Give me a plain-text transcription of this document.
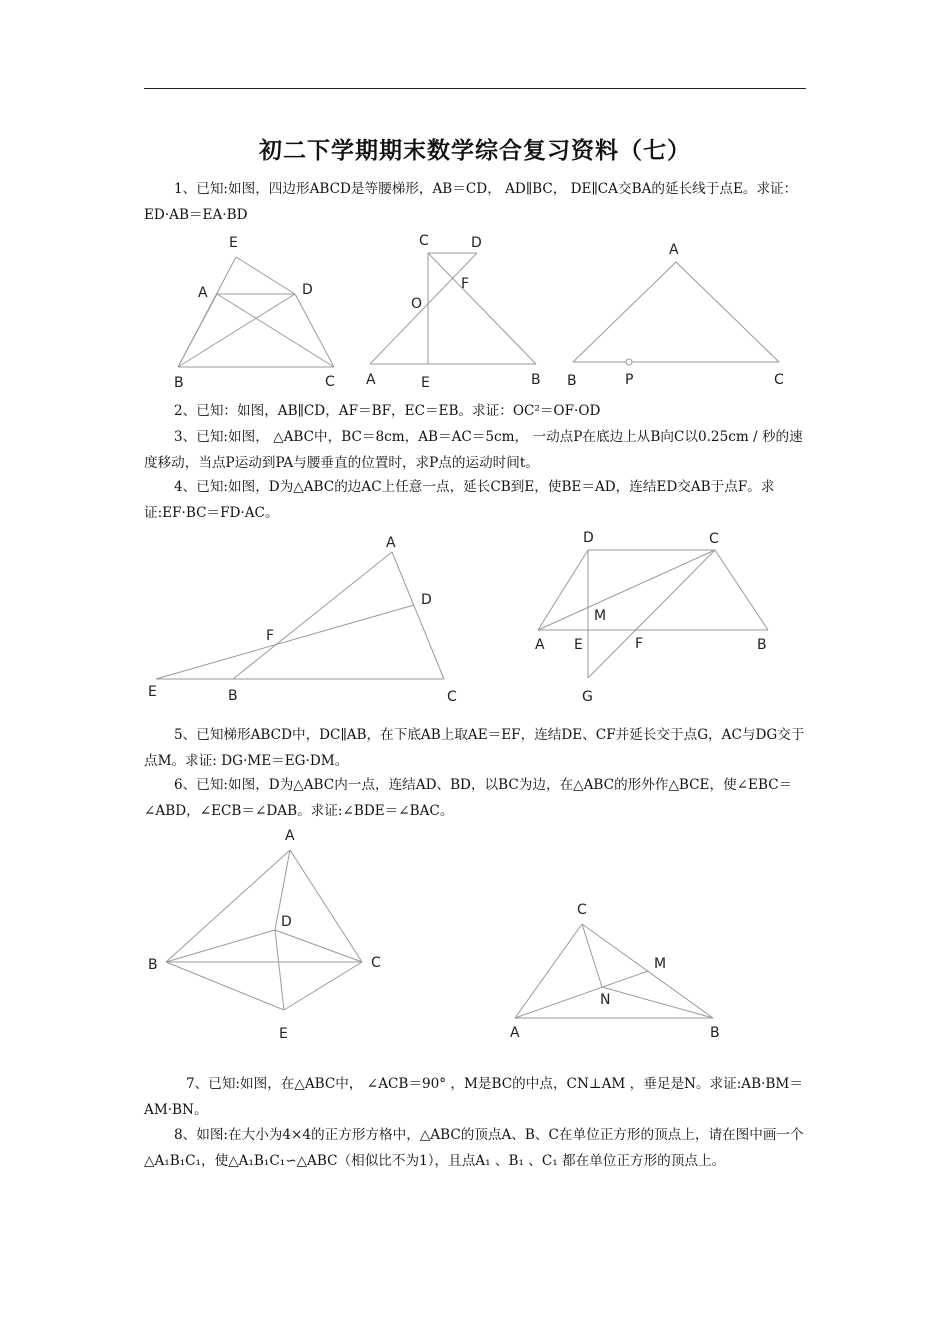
初二下学期期末数学综合复习资料（七）

1、已知:如图，四边形ABCD是等腰梯形，AB＝CD， AD∥BC， DE∥CA交BA的延长线于点E。求证：ED·AB＝EA·BD

E
A	D
B	C
C	D
F
O
A	E	B
A
B	P	C
A
D
F
E	B	C
D	C
M
A E	F	B
G
A
D
B	C
E
C
M
N
A	B

2、已知：如图，AB∥CD，AF＝BF，EC＝EB。求证：OC²＝OF·OD

3、已知:如图， △ABC中，BC＝8cm，AB＝AC＝5cm， 一动点P在底边上从B向C以0.25cm / 秒的速度移动，当点P运动到PA与腰垂直的位置时，求P点的运动时间t。

4、已知:如图，D为△ABC的边AC上任意一点，延长CB到E，使BE＝AD，连结ED交AB于点F。求证:EF·BC＝FD·AC。

5、已知梯形ABCD中，DC∥AB，在下底AB上取AE＝EF，连结DE、CF并延长交于点G，AC与DG交于点M。求证: DG·ME＝EG·DM。

6、已知:如图，D为△ABC内一点，连结AD、BD，以BC为边，在△ABC的形外作△BCE，使∠EBC＝∠ABD，∠ECB＝∠DAB。求证:∠BDE＝∠BAC。

7、已知:如图，在△ABC中， ∠ACB＝90° ，M是BC的中点，CN⊥AM ，垂足是N。求证:AB·BM＝AM·BN。

8、如图:在大小为4×4的正方形方格中，△ABC的顶点A、B、C在单位正方形的顶点上，请在图中画一个△A₁B₁C₁，使△A₁B₁C₁∽△ABC（相似比不为1），且点A₁ 、B₁ 、C₁ 都在单位正方形的顶点上。
